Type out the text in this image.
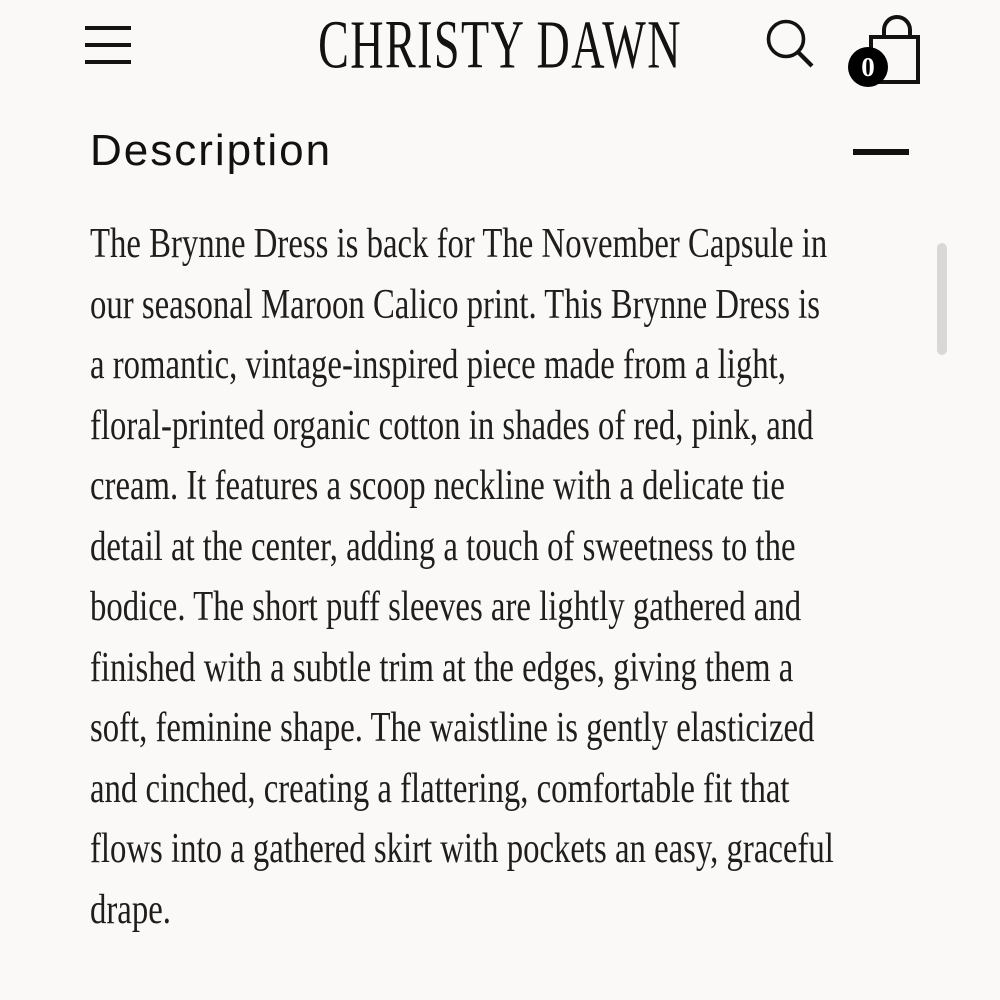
CHRISTY DAWN	0
Description
The Brynne Dress is back for The November Capsule in
our seasonal Maroon Calico print. This Brynne Dress is
a romantic, vintage-inspired piece made from a light,
floral-printed organic cotton in shades of red, pink, and
cream. It features a scoop neckline with a delicate tie
detail at the center, adding a touch of sweetness to the
bodice. The short puff sleeves are lightly gathered and
finished with a subtle trim at the edges, giving them a
soft, feminine shape. The waistline is gently elasticized
and cinched, creating a flattering, comfortable fit that
flows into a gathered skirt with pockets an easy, graceful
drape.
